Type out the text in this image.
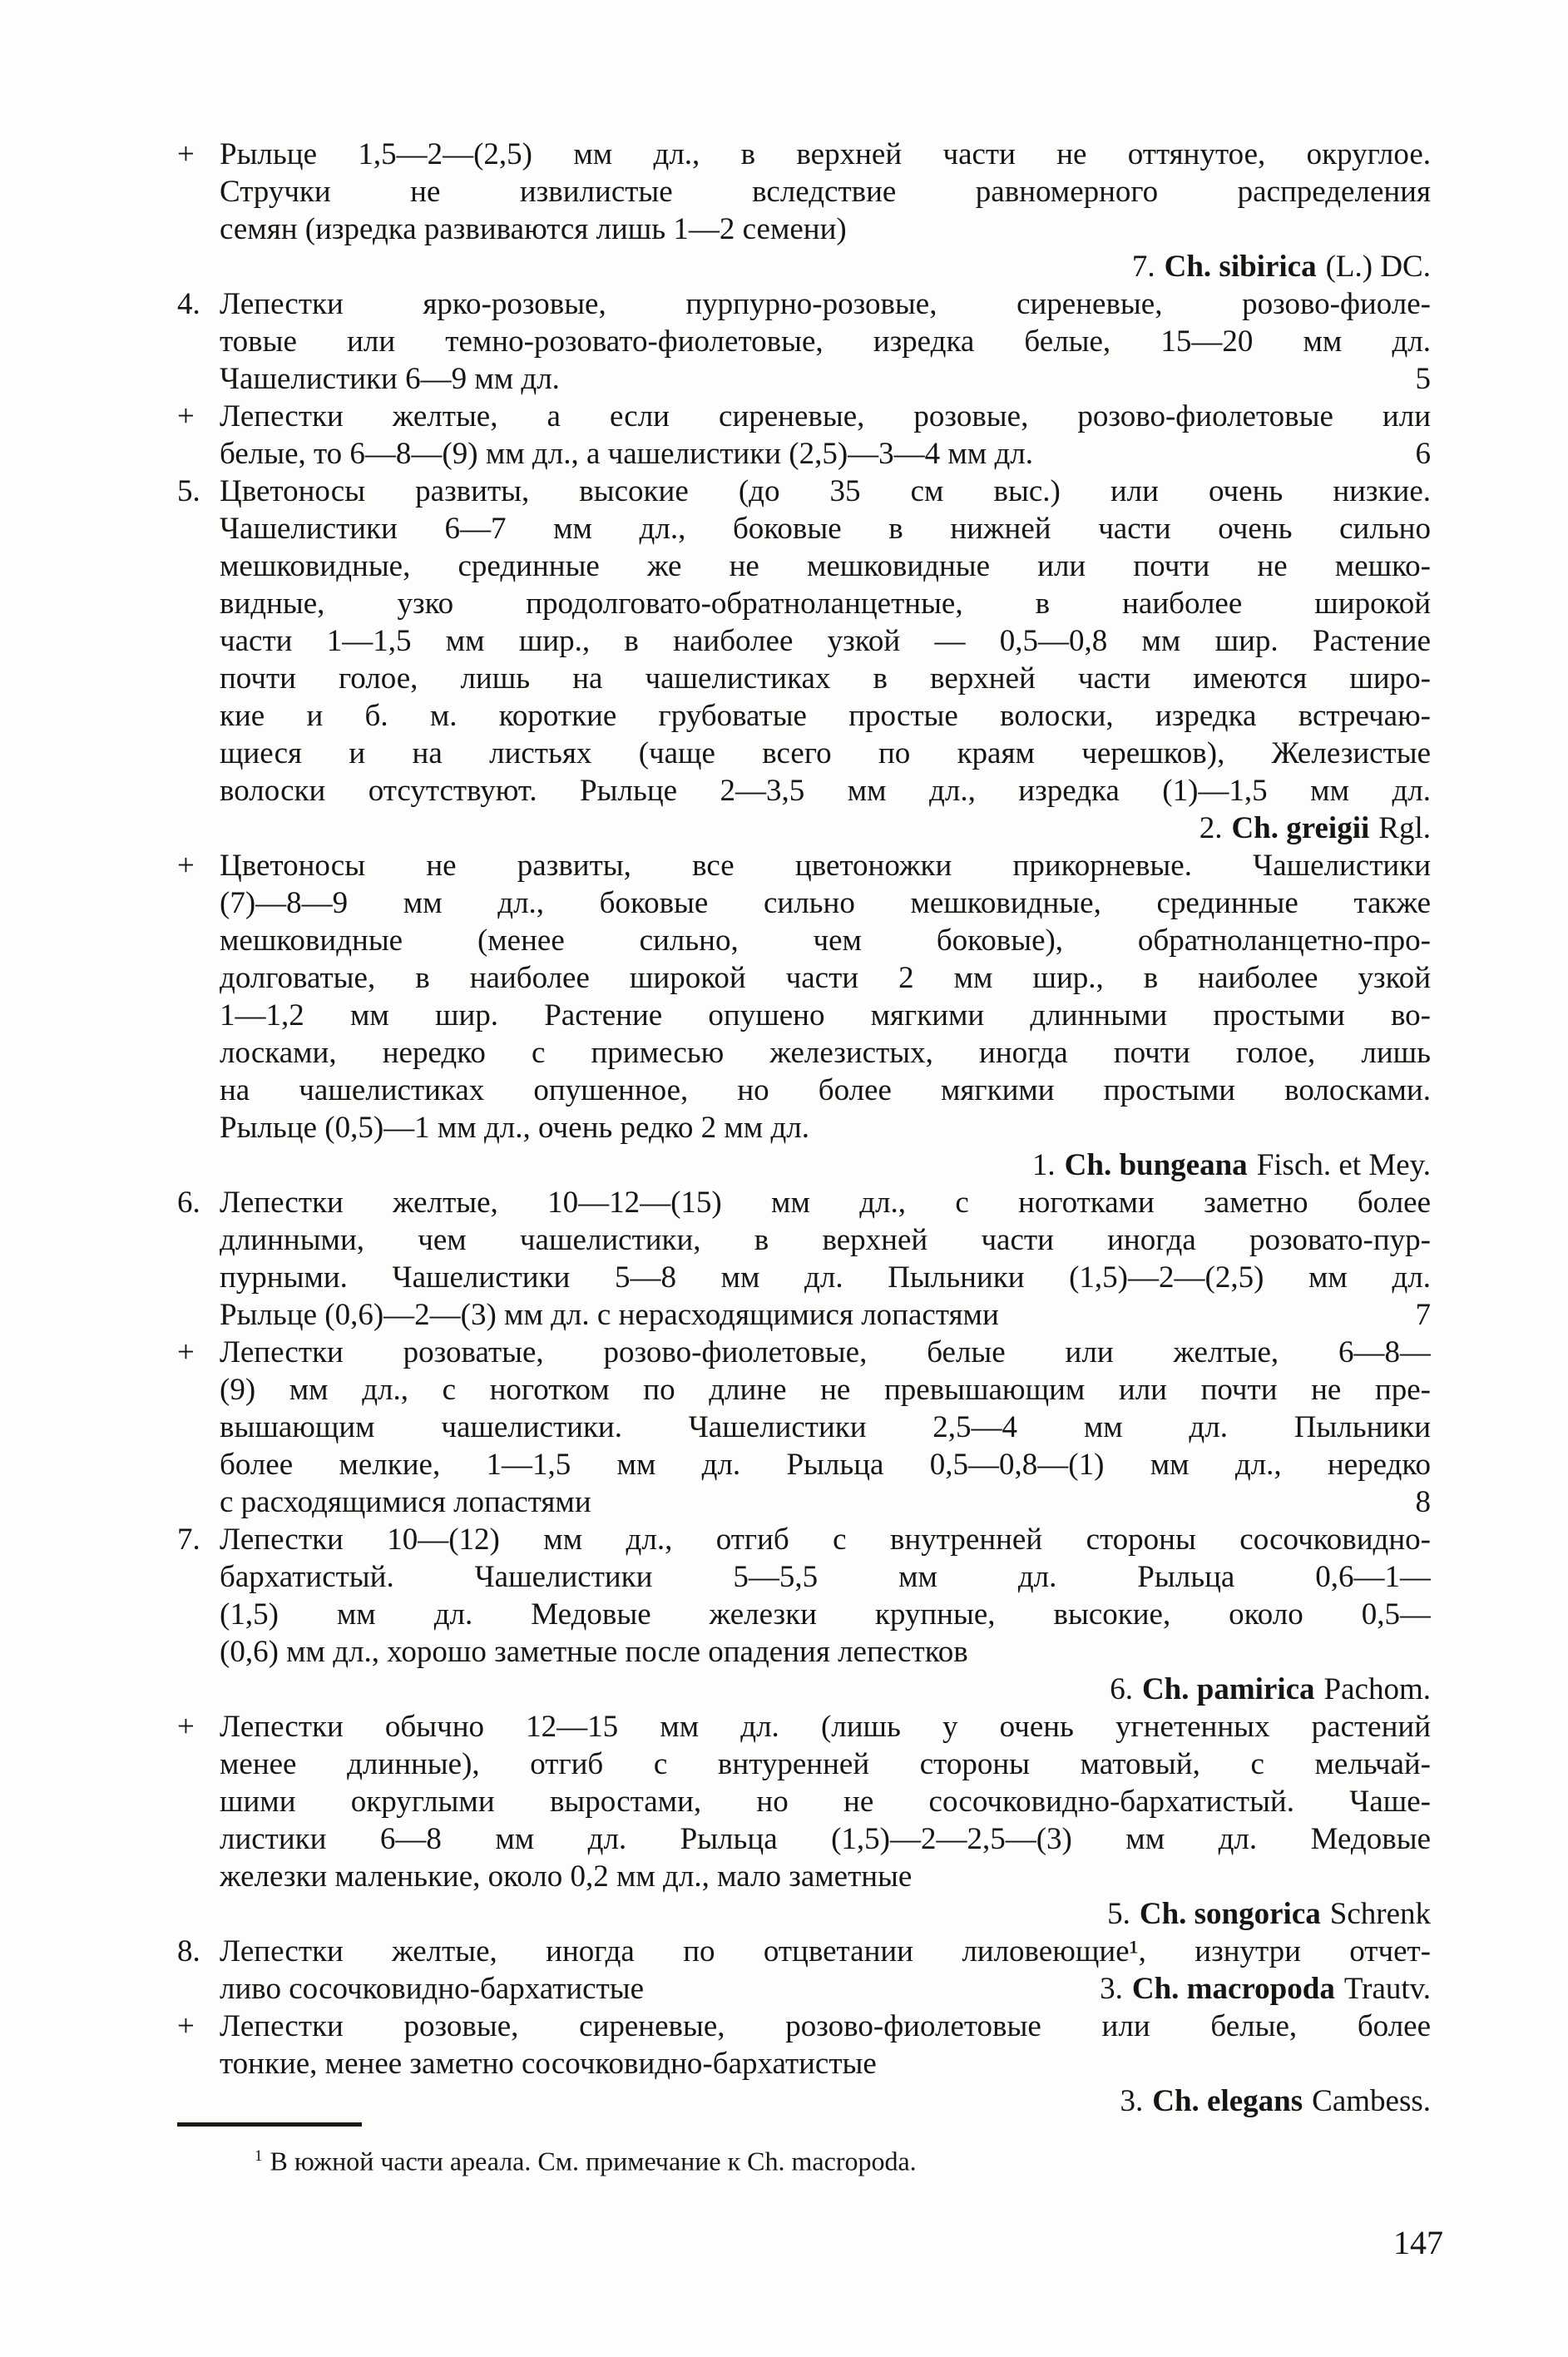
+ Рыльце 1,5—2—(2,5) мм дл., в верхней части не оттянутое, округлое.
Стручки не извилистые вследствие равномерного распределения
семян (изредка развиваются лишь 1—2 семени)
7. Ch. sibirica (L.) DC.
4. Лепестки ярко-розовые, пурпурно-розовые, сиреневые, розово-фиоле-
товые или темно-розовато-фиолетовые, изредка белые, 15—20 мм дл.
Чашелистики 6—9 мм дл.	5
+ Лепестки желтые, а если сиреневые, розовые, розово-фиолетовые или
белые, то 6—8—(9) мм дл., а чашелистики (2,5)—3—4 мм дл.	6
5. Цветоносы развиты, высокие (до 35 см выс.) или очень низкие.
Чашелистики 6—7 мм дл., боковые в нижней части очень сильно
мешковидные, срединные же не мешковидные или почти не мешко-
видные, узко продолговато-обратноланцетные, в наиболее широкой
части 1—1,5 мм шир., в наиболее узкой — 0,5—0,8 мм шир. Растение
почти голое, лишь на чашелистиках в верхней части имеются широ-
кие и б. м. короткие грубоватые простые волоски, изредка встречаю-
щиеся и на листьях (чаще всего по краям черешков), Железистые
волоски отсутствуют. Рыльце 2—3,5 мм дл., изредка (1)—1,5 мм дл.
2. Ch. greigii Rgl.
+ Цветоносы не развиты, все цветоножки прикорневые. Чашелистики
(7)—8—9 мм дл., боковые сильно мешковидные, срединные также
мешковидные (менее сильно, чем боковые), обратноланцетно-про-
долговатые, в наиболее широкой части 2 мм шир., в наиболее узкой
1—1,2 мм шир. Растение опушено мягкими длинными простыми во-
лосками, нередко с примесью железистых, иногда почти голое, лишь
на чашелистиках опушенное, но более мягкими простыми волосками.
Рыльце (0,5)—1 мм дл., очень редко 2 мм дл.
1. Ch. bungeana Fisch. et Mey.
6. Лепестки желтые, 10—12—(15) мм дл., с ноготками заметно более
длинными, чем чашелистики, в верхней части иногда розовато-пур-
пурными. Чашелистики 5—8 мм дл. Пыльники (1,5)—2—(2,5) мм дл.
Рыльце (0,6)—2—(3) мм дл. с нерасходящимися лопастями	7
+ Лепестки розоватые, розово-фиолетовые, белые или желтые, 6—8—
(9) мм дл., с ноготком по длине не превышающим или почти не пре-
вышающим чашелистики. Чашелистики 2,5—4 мм дл. Пыльники
более мелкие, 1—1,5 мм дл. Рыльца 0,5—0,8—(1) мм дл., нередко
с расходящимися лопастями	8
7. Лепестки 10—(12) мм дл., отгиб с внутренней стороны сосочковидно-
бархатистый. Чашелистики 5—5,5 мм дл. Рыльца 0,6—1—
(1,5) мм дл. Медовые железки крупные, высокие, около 0,5—
(0,6) мм дл., хорошо заметные после опадения лепестков
6. Ch. pamirica Pachom.
+ Лепестки обычно 12—15 мм дл. (лишь у очень угнетенных растений
менее длинные), отгиб с внтуренней стороны матовый, с мельчай-
шими округлыми выростами, но не сосочковидно-бархатистый. Чаше-
листики 6—8 мм дл. Рыльца (1,5)—2—2,5—(3) мм дл. Медовые
железки маленькие, около 0,2 мм дл., мало заметные
5. Ch. songorica Schrenk
8. Лепестки желтые, иногда по отцветании лиловеющие¹, изнутри отчет-
ливо сосочковидно-бархатистые	3. Ch. macropoda Trautv.
+ Лепестки розовые, сиреневые, розово-фиолетовые или белые, более
тонкие, менее заметно сосочковидно-бархатистые
3. Ch. elegans Cambess.
$^1$ В южной части ареала. См. примечание к Ch. macropoda.
147
